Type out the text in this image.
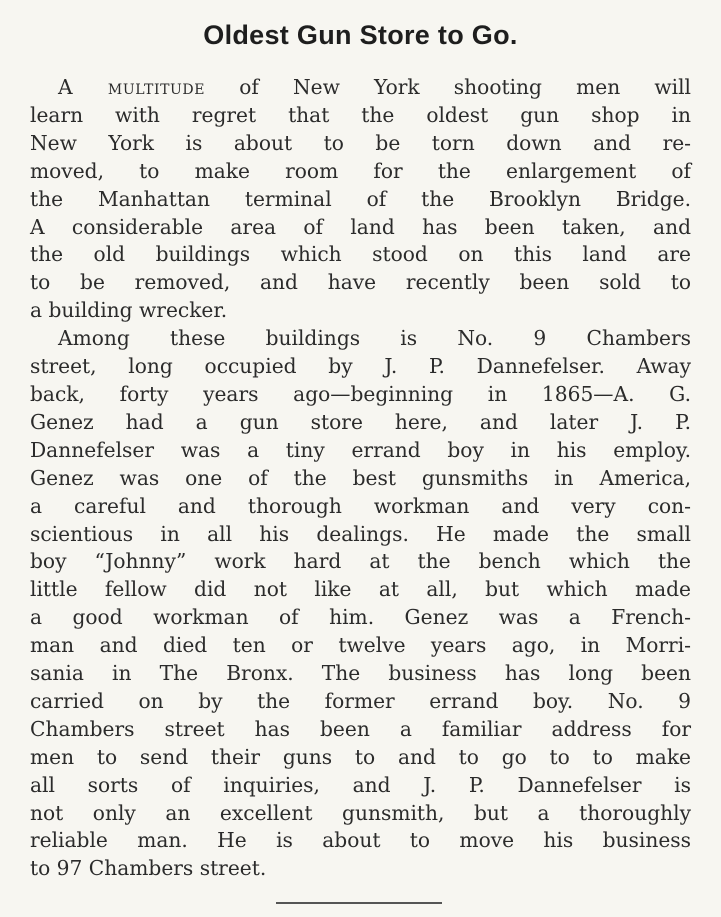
Oldest Gun Store to Go.
A multitude of New York shooting men will
learn with regret that the oldest gun shop in
New York is about to be torn down and re-
moved, to make room for the enlargement of
the Manhattan terminal of the Brooklyn Bridge.
A considerable area of land has been taken, and
the old buildings which stood on this land are
to be removed, and have recently been sold to
a building wrecker.
Among these buildings is No. 9 Chambers
street, long occupied by J. P. Dannefelser. Away
back, forty years ago—beginning in 1865—A. G.
Genez had a gun store here, and later J. P.
Dannefelser was a tiny errand boy in his employ.
Genez was one of the best gunsmiths in America,
a careful and thorough workman and very con-
scientious in all his dealings. He made the small
boy “Johnny” work hard at the bench which the
little fellow did not like at all, but which made
a good workman of him. Genez was a French-
man and died ten or twelve years ago, in Morri-
sania in The Bronx. The business has long been
carried on by the former errand boy. No. 9
Chambers street has been a familiar address for
men to send their guns to and to go to to make
all sorts of inquiries, and J. P. Dannefelser is
not only an excellent gunsmith, but a thoroughly
reliable man. He is about to move his business
to 97 Chambers street.
